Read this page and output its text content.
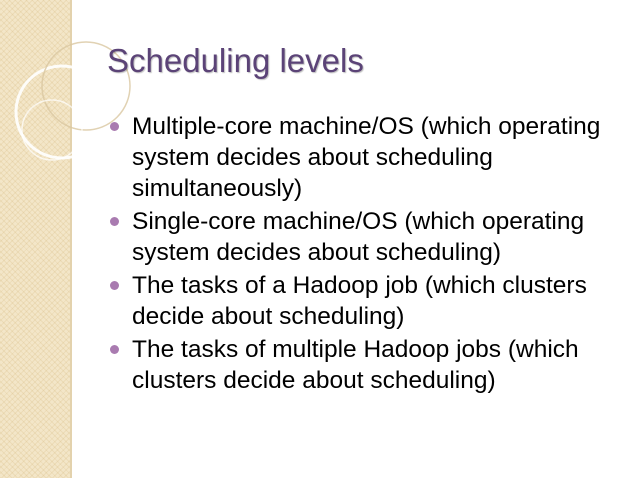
Scheduling levels
Multiple-core machine/OS (which operating system decides about scheduling simultaneously)
Single-core machine/OS (which operating system decides about scheduling)
The tasks of a Hadoop job (which clusters decide about scheduling)
The tasks of multiple Hadoop jobs (which clusters decide about scheduling)
